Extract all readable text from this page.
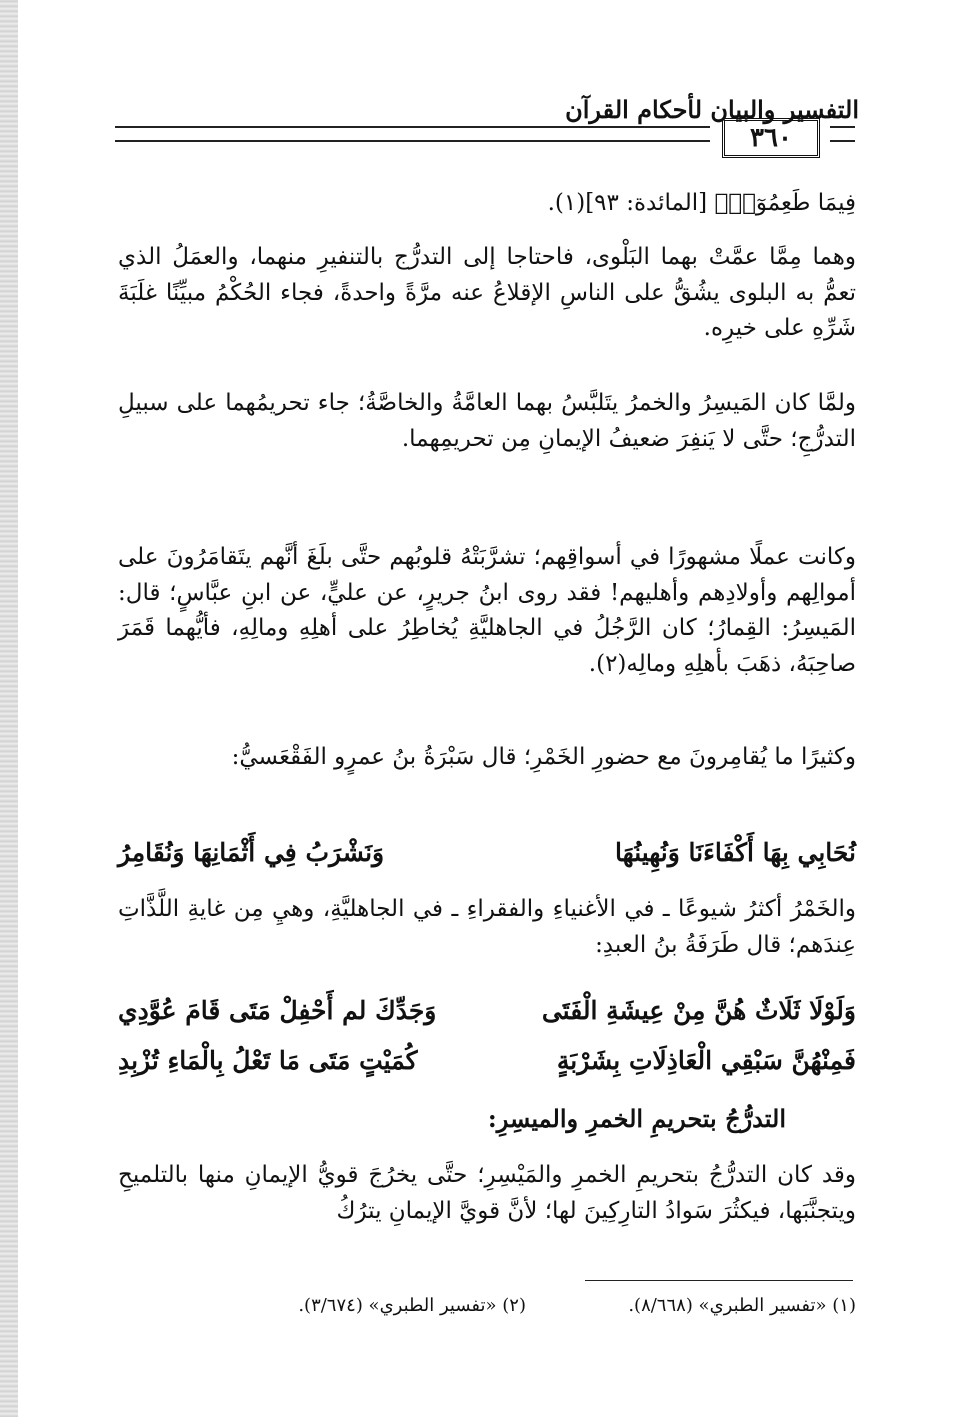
التفسير والبيان لأحكام القرآن
٣٦٠

فِيمَا طَعِمُوٓا۟﴾ [المائدة: ٩٣](١).

وهما مِمَّا عمَّتْ بهما البَلْوى، فاحتاجا إلى التدرُّج بالتنفيرِ منهما، والعمَلُ الذي تعمُّ به البلوى يشُقُّ على الناسِ الإقلاعُ عنه مرَّةً واحدةً، فجاء الحُكْمُ مبيِّنًا غلَبَةَ شَرِّهِ على خيرِه.

ولمَّا كان المَيسِرُ والخمرُ يتَلبَّسُ بهما العامَّةُ والخاصَّةُ؛ جاء تحريمُهما على سبيلِ التدرُّجِ؛ حتَّى لا يَنفِرَ ضعيفُ الإيمانِ مِن تحريمِهما.

وكانت عملًا مشهورًا في أسواقِهم؛ تشرَّبَتْهُ قلوبُهم حتَّى بلَغَ أنَّهم يتَقامَرُونَ على أموالِهم وأولادِهم وأهليهم! فقد روى ابنُ جريرٍ، عن عليٍّ، عن ابنِ عبَّاسٍ؛ قال: المَيسِرُ: القِمارُ؛ كان الرَّجُلُ في الجاهليَّةِ يُخاطِرُ على أهلِهِ ومالِهِ، فأيُّهما قَمَرَ صاحِبَهُ، ذهَبَ بأهلِهِ ومالِه(٢).

وكثيرًا ما يُقامِرونَ مع حضورِ الخَمْرِ؛ قال سَبْرَةُ بنُ عمرٍو الفَقْعَسيُّ:

نُحَابِي بِهَا أَكْفَاءَنَا وَنُهِينُهَا
وَنَشْرَبُ فِي أَثْمَانِهَا وَنُقَامِرُ

والخَمْرُ أكثرُ شيوعًا ـ في الأغنياءِ والفقراءِ ـ في الجاهليَّةِ، وهيِ مِن غايةِ اللَّذَّاتِ عِندَهم؛ قال طَرَفَةُ بنُ العبدِ:

وَلَوْلَا ثَلَاثٌ هُنَّ مِنْ عِيشَةِ الْفَتَى
وَجَدِّكَ لم أَحْفِلْ مَتَى قَامَ عُوَّدِي
فَمِنْهُنَّ سَبْقِي الْعَاذِلَاتِ بِشَرْبَةٍ
كُمَيْتٍ مَتَى مَا تَعْلُ بِالْمَاءِ تُزْبِدِ
التدرُّجُ بتحريمِ الخمرِ والميسِرِ:

وقد كان التدرُّجُ بتحريمِ الخمرِ والمَيْسِرِ؛ حتَّى يخرُجَ قويُّ الإيمانِ منها بالتلميحِ ويتجنَّبَها، فيكثُرَ سَوادُ التارِكِينَ لها؛ لأنَّ قويَّ الإيمانِ يترُكُ

(١) «تفسير الطبري» (٨/٦٦٨).
(٢) «تفسير الطبري» (٣/٦٧٤).
